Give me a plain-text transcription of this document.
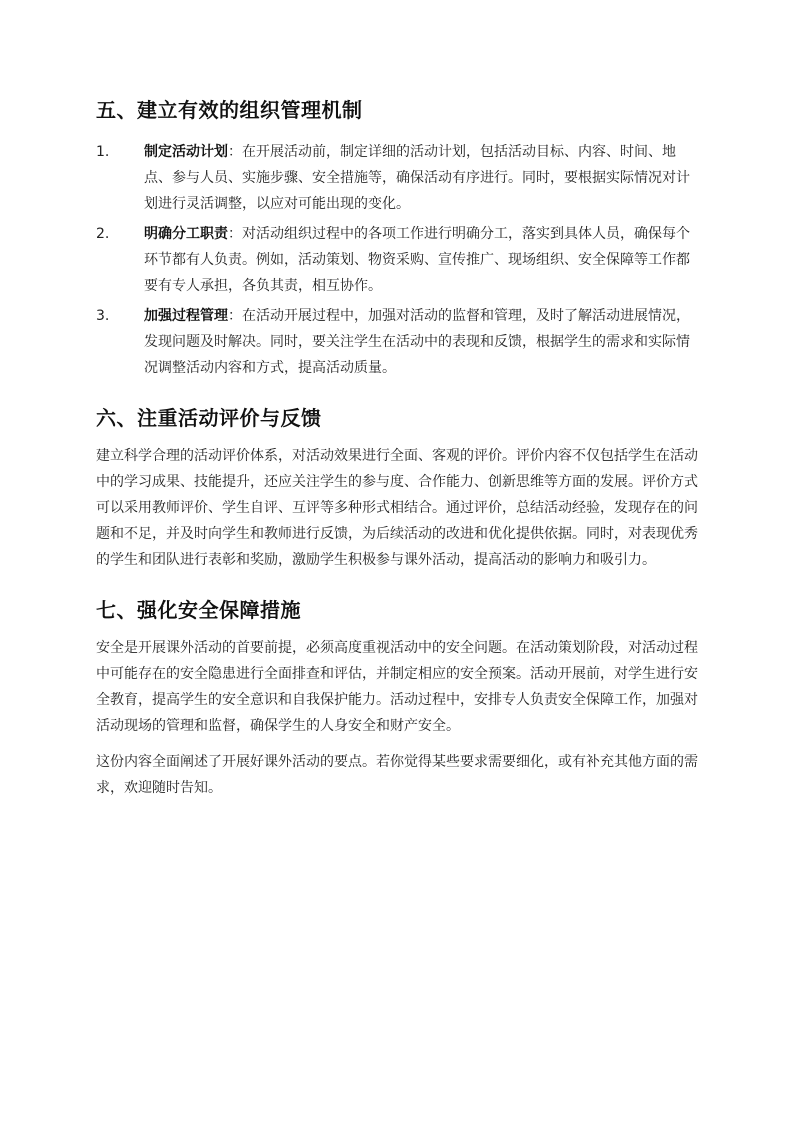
五、建立有效的组织管理机制
1. 制定活动计划：在开展活动前，制定详细的活动计划，包括活动目标、内容、时间、地点、参与人员、实施步骤、安全措施等，确保活动有序进行。同时，要根据实际情况对计划进行灵活调整，以应对可能出现的变化。
2. 明确分工职责：对活动组织过程中的各项工作进行明确分工，落实到具体人员，确保每个环节都有人负责。例如，活动策划、物资采购、宣传推广、现场组织、安全保障等工作都要有专人承担，各负其责，相互协作。
3. 加强过程管理：在活动开展过程中，加强对活动的监督和管理，及时了解活动进展情况，发现问题及时解决。同时，要关注学生在活动中的表现和反馈，根据学生的需求和实际情况调整活动内容和方式，提高活动质量。
六、注重活动评价与反馈

建立科学合理的活动评价体系，对活动效果进行全面、客观的评价。评价内容不仅包括学生在活动中的学习成果、技能提升，还应关注学生的参与度、合作能力、创新思维等方面的发展。评价方式可以采用教师评价、学生自评、互评等多种形式相结合。通过评价，总结活动经验，发现存在的问题和不足，并及时向学生和教师进行反馈，为后续活动的改进和优化提供依据。同时，对表现优秀的学生和团队进行表彰和奖励，激励学生积极参与课外活动，提高活动的影响力和吸引力。

七、强化安全保障措施

安全是开展课外活动的首要前提，必须高度重视活动中的安全问题。在活动策划阶段，对活动过程中可能存在的安全隐患进行全面排查和评估，并制定相应的安全预案。活动开展前，对学生进行安全教育，提高学生的安全意识和自我保护能力。活动过程中，安排专人负责安全保障工作，加强对活动现场的管理和监督，确保学生的人身安全和财产安全。

这份内容全面阐述了开展好课外活动的要点。若你觉得某些要求需要细化，或有补充其他方面的需求，欢迎随时告知。
